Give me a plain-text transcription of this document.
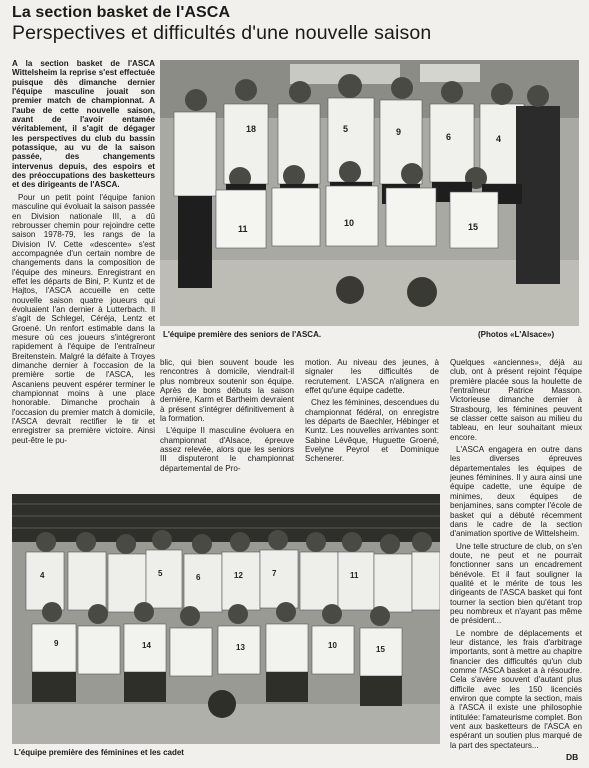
La section basket de l'ASCA
Perspectives et difficultés d'une nouvelle saison

A la section basket de l'ASCA Wittelsheim la reprise s'est effectuée puisque dès dimanche dernier l'équipe masculine jouait son premier match de championnat. A l'aube de cette nouvelle saison, avant de l'avoir entamée véritablement, il s'agit de dégager les perspectives du club du bassin potassique, au vu de la saison passée, des changements intervenus depuis, des espoirs et des préoccupations des basketteurs et des dirigeants de l'ASCA.

Pour un petit point l'équipe fanion masculine qui évoluait la saison passée en Division nationale III, a dû rebrousser chemin pour rejoindre cette saison 1978-79, les rangs de la Division IV. Cette «descente» s'est accompagnée d'un certain nombre de changements dans la composition de l'équipe des mineurs. Enregistrant en effet les départs de Bini, P. Kuntz et de Hajtos, l'ASCA accueille en cette nouvelle saison quatre joueurs qui évoluaient l'an dernier à Lutterbach. Il s'agit de Schlegel, Céréja, Lentz et Groené. Un renfort estimable dans la mesure où ces joueurs s'intégreront rapidement à l'équipe de l'entraîneur Breitenstein. Malgré la défaite à Troyes dimanche dernier à l'occasion de la première sortie de l'ASCA, les Ascaniens peuvent espérer terminer le championnat moins à une place honorable. Dimanche prochain à l'occasion du premier match à domicile, l'ASCA devrait rectifier le tir et enregistrer sa première victoire. Ainsi peut-être le pu-

18	5	9	6	4
11
10	15
L'équipe première des seniors de l'ASCA.	(Photos «L'Alsace»)

blic, qui bien souvent boude les rencontres à domicile, viendrait-il plus nombreux soutenir son équipe. Après de bons débuts la saison dernière, Karm et Bartheim devraient à présent s'intégrer définitivement à la formation.

L'équipe II masculine évoluera en championnat d'Alsace, épreuve assez relevée, alors que les seniors III disputeront le championnat départemental de Pro-

motion. Au niveau des jeunes, à signaler les difficultés de recrutement. L'ASCA n'alignera en effet qu'une équipe cadette.

Chez les féminines, descendues du championnat fédéral, on enregistre les départs de Baechler, Hébinger et Kuntz. Les nouvelles arrivantes sont: Sabine Lévêque, Huguette Groené, Evelyne Peyrol et Dominique Schenerer.

Quelques «anciennes», déjà au club, ont à présent rejoint l'équipe première placée sous la houlette de l'entraîneur Patrice Masson. Victorieuse dimanche dernier à Strasbourg, les féminines peuvent se classer cette saison au milieu du tableau, en leur souhaitant mieux encore.

L'ASCA engagera en outre dans les diverses épreuves départementales les équipes de jeunes féminines. Il y aura ainsi une équipe cadette, une équipe de minimes, deux équipes de benjamines, sans compter l'école de basket qui a débuté récemment dans le cadre de la section d'animation sportive de Wittelsheim.

Une telle structure de club, on s'en doute, ne peut et ne pourrait fonctionner sans un encadrement bénévole. Et il faut souligner la qualité et le mérite de tous les dirigeants de l'ASCA basket qui font tourner la section bien qu'étant trop peu nombreux et n'ayant pas même de président...

Le nombre de déplacements et leur distance, les frais d'arbitrage importants, sont à mettre au chapitre financier des difficultés qu'un club comme l'ASCA basket a à résoudre. Cela s'avère souvent d'autant plus difficile avec les 150 licenciés environ que compte la section, mais à l'ASCA il existe une philosophie intitulée: l'amateurisme complet. Bon vent aux basketteurs de l'ASCA en espérant un soutien plus marqué de la part des spectateurs...

DB
4	5	6	12	7	11
9	14	13	10	15
L'équipe première des féminines et les cadet
